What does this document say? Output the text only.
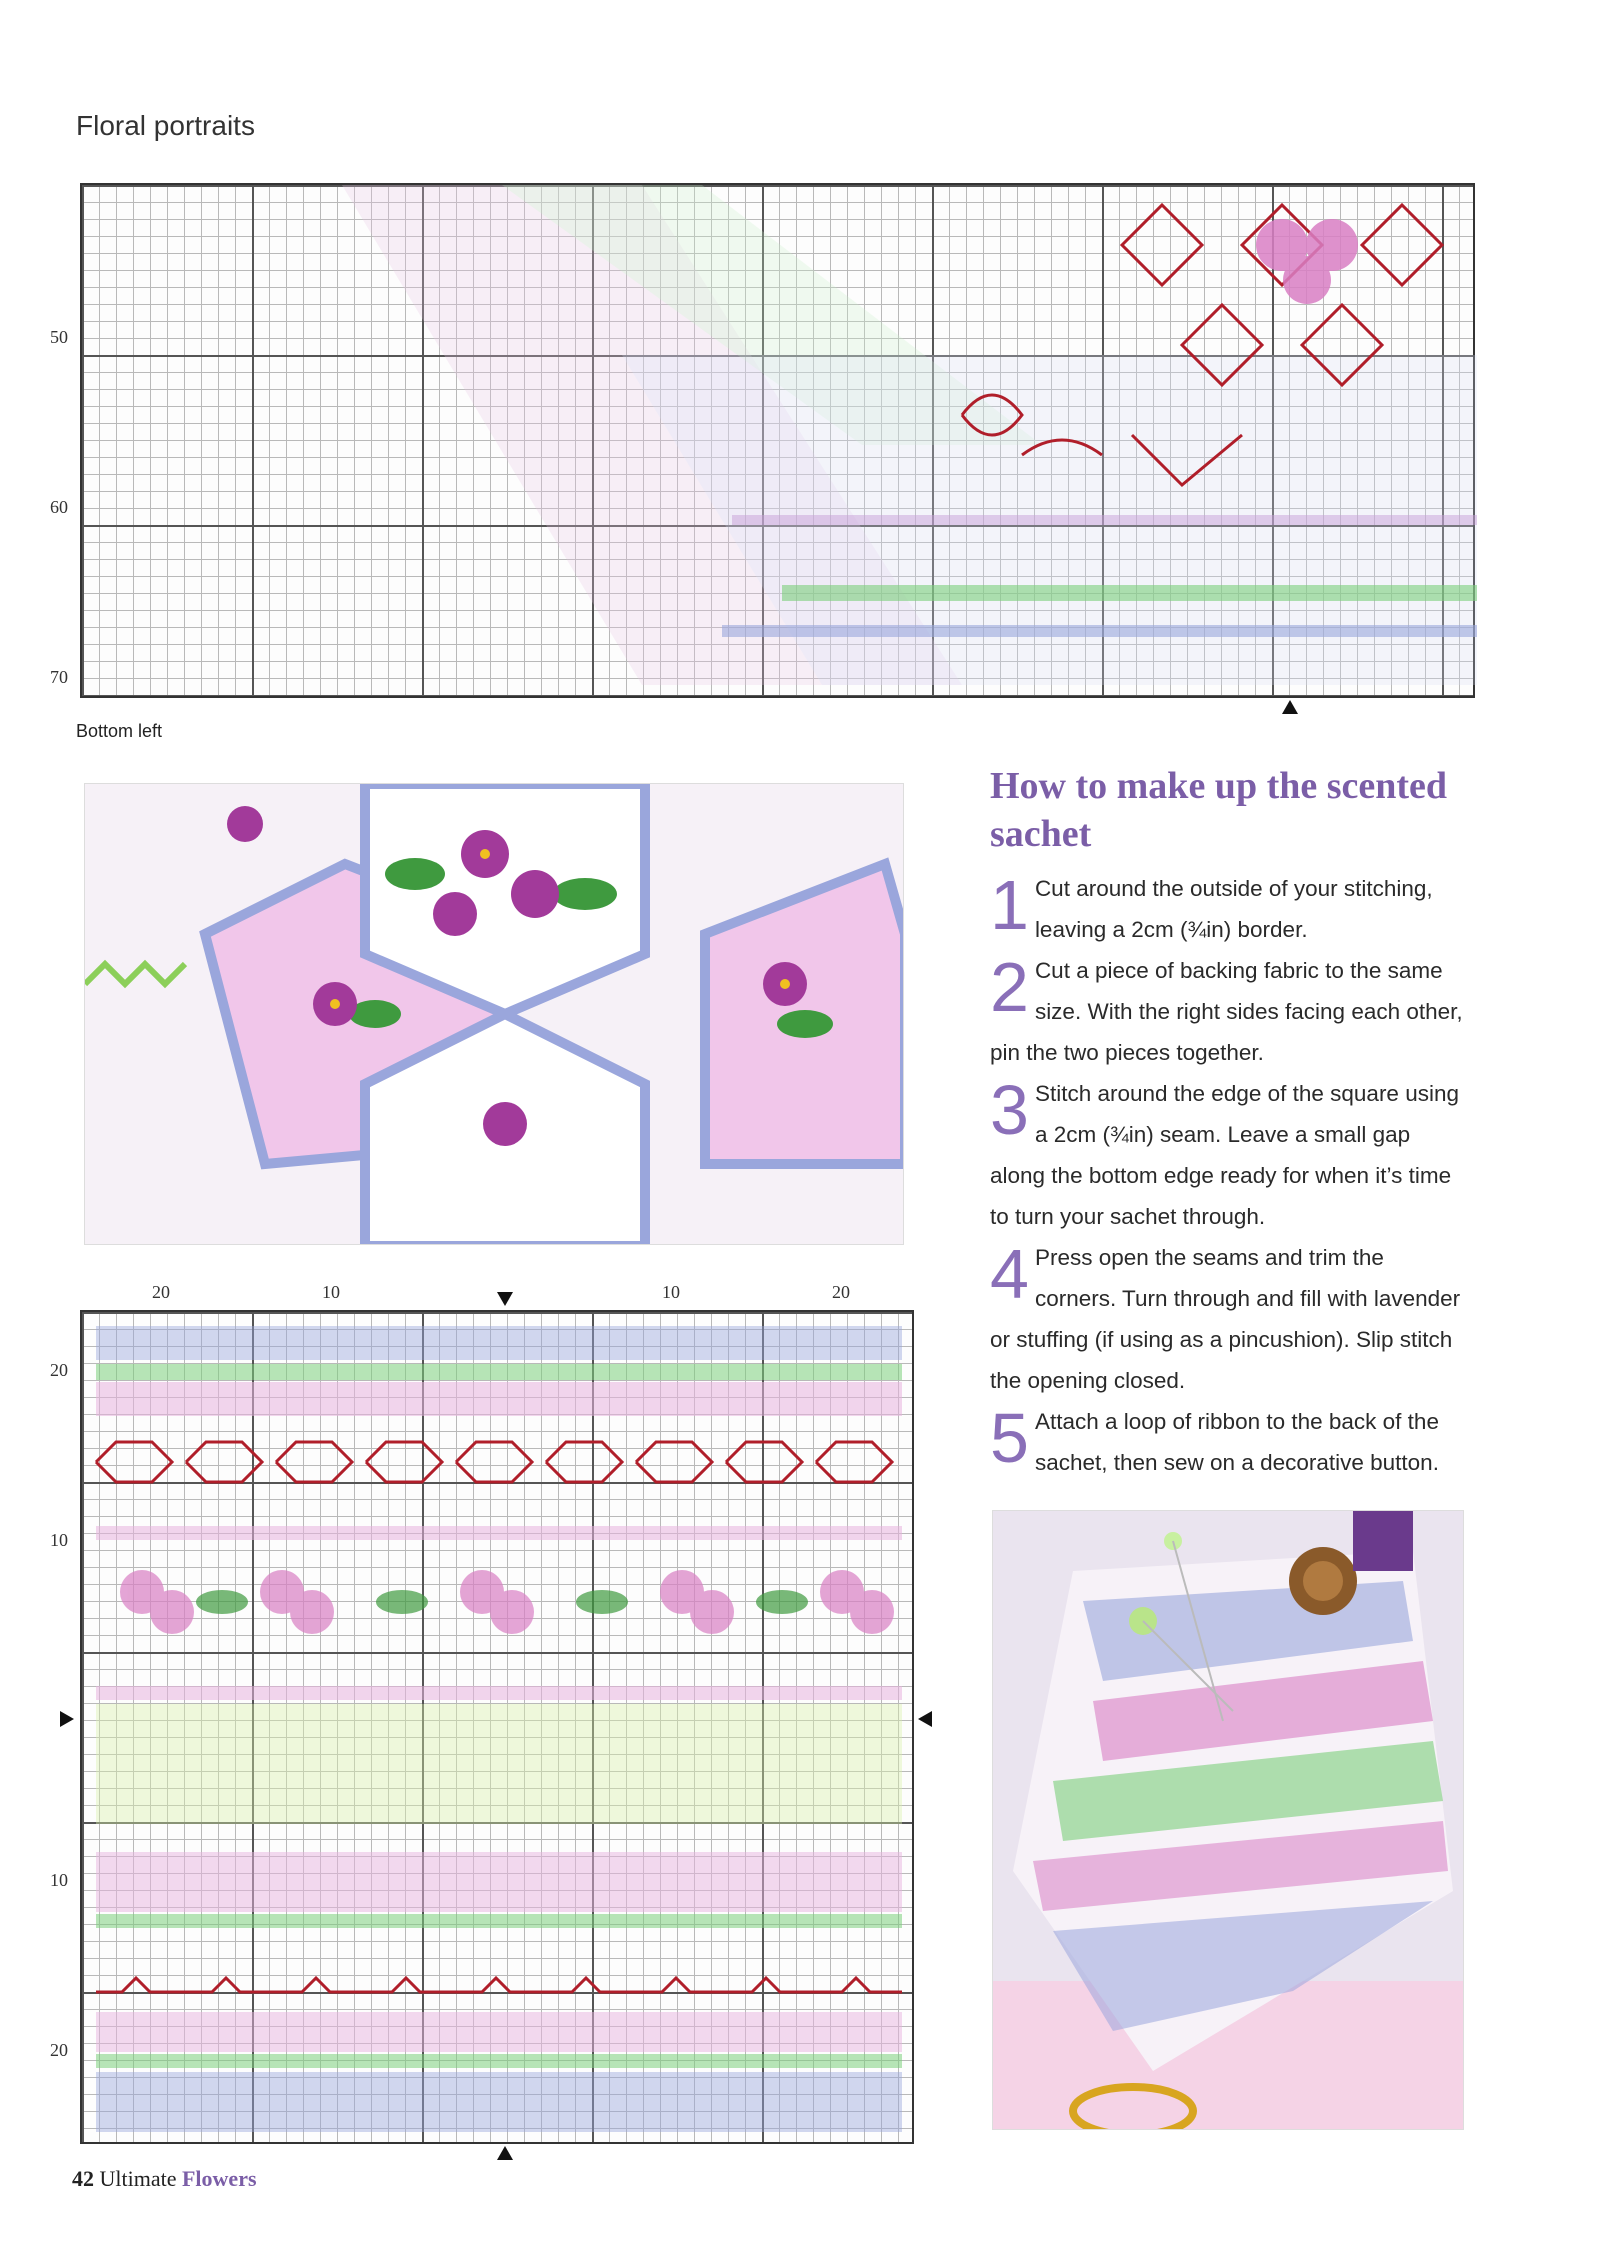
Floral portraits
50
60
70
Bottom left
How to make up the scented sachet
1 Cut around the outside of your stitching, leaving a 2cm (¾in) border.
2 Cut a piece of backing fabric to the same size. With the right sides facing each other, pin the two pieces together.
3 Stitch around the edge of the square using a 2cm (¾in) seam. Leave a small gap along the bottom edge ready for when it’s time to turn your sachet through.
4 Press open the seams and trim the corners. Turn through and fill with lavender or stuffing (if using as a pincushion). Slip stitch the opening closed.
5 Attach a loop of ribbon to the back of the sachet, then sew on a decorative button.
20	10	10	20
20
10
10
20
42 Ultimate Flowers
